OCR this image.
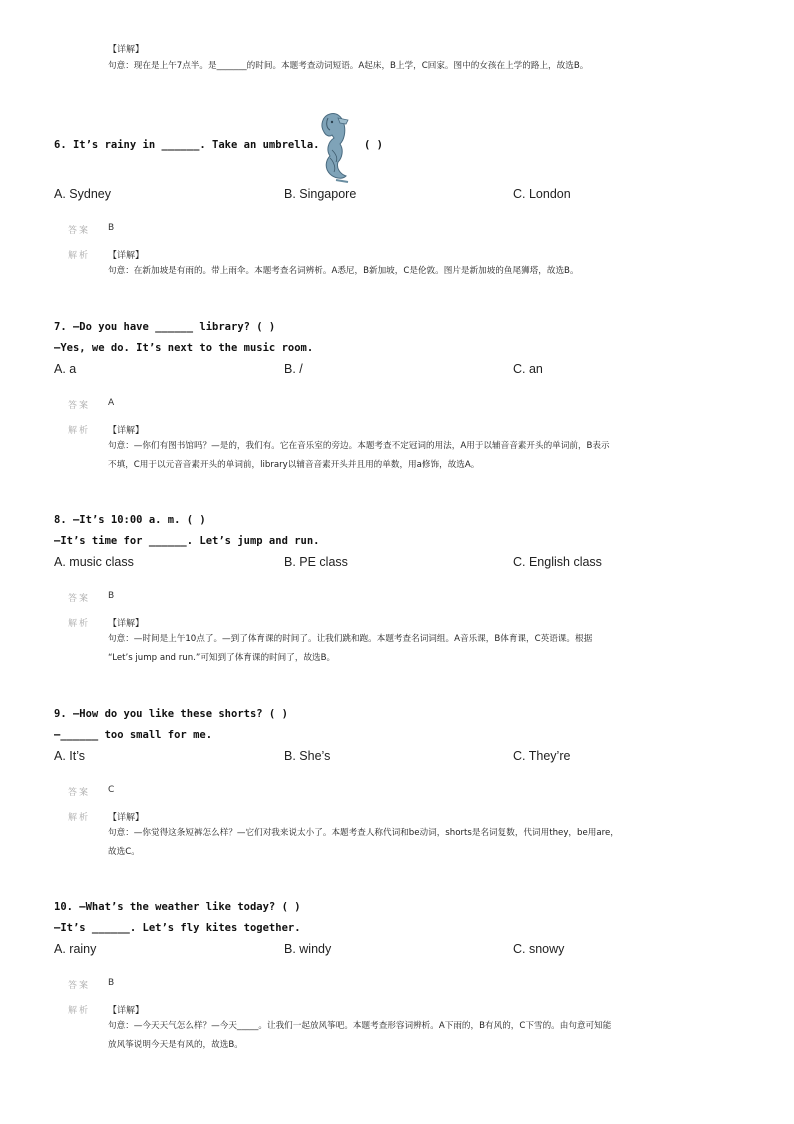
【详解】
句意：现在是上午7点半。是_______的时间。本题考查动词短语。A起床，B上学，C回家。图中的女孩在上学的路上，故选B。
6. It’s rainy in ______. Take an umbrella.	( )
A. Sydney	B. Singapore	C. London
答案 B
解析 【详解】
句意：在新加坡是有雨的。带上雨伞。本题考查名词辨析。A悉尼，B新加坡，C是伦敦。图片是新加坡的鱼尾狮塔，故选B。
7. —Do you have ______ library? ( )
—Yes, we do. It’s next to the music room.
A. a	B. /	C. an
答案 A
解析 【详解】
句意：—你们有图书馆吗？—是的，我们有。它在音乐室的旁边。本题考查不定冠词的用法，A用于以辅音音素开头的单词前，B表示
不填，C用于以元音音素开头的单词前，library以辅音音素开头并且用的单数，用a修饰，故选A。
8. —It’s 10:00 a. m. ( )
—It’s time for ______. Let’s jump and run.
A. music class	B. PE class	C. English class
答案 B
解析 【详解】
句意：—时间是上午10点了。—到了体育课的时间了。让我们跳和跑。本题考查名词词组。A音乐课，B体育课，C英语课。根据
“Let’s jump and run.”可知到了体育课的时间了，故选B。
9. —How do you like these shorts? ( )
—______ too small for me.
A. It’s	B. She’s	C. They’re
答案 C
解析 【详解】
句意：—你觉得这条短裤怎么样？—它们对我来说太小了。本题考查人称代词和be动词，shorts是名词复数，代词用they，be用are，
故选C。
10. —What’s the weather like today? ( )
—It’s ______. Let’s fly kites together.
A. rainy	B. windy	C. snowy
答案 B
解析 【详解】
句意：—今天天气怎么样？—今天_____。让我们一起放风筝吧。本题考查形容词辨析。A下雨的，B有风的，C下雪的。由句意可知能
放风筝说明今天是有风的，故选B。
